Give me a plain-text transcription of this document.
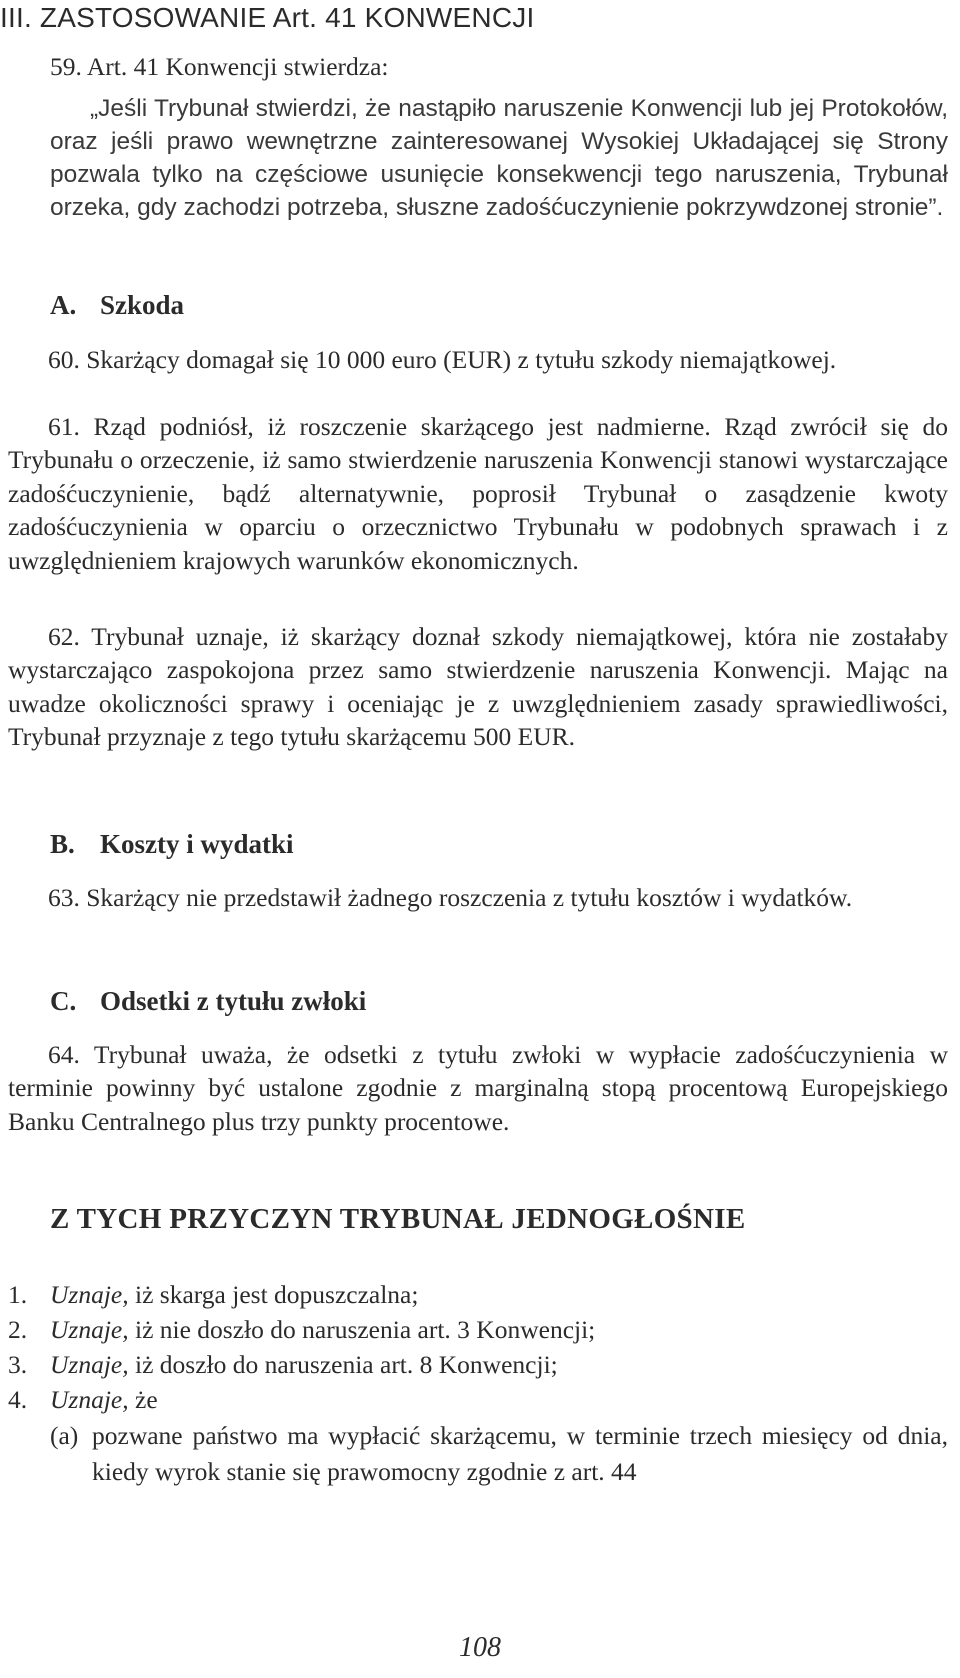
III. ZASTOSOWANIE Art. 41 KONWENCJI

59. Art. 41 Konwencji stwierdza:

„Jeśli Trybunał stwierdzi, że nastąpiło naruszenie Konwencji lub jej Protokołów, oraz jeśli prawo wewnętrzne zainteresowanej Wysokiej Układającej się Strony pozwala tylko na częściowe usunięcie konsekwencji tego naruszenia, Trybunał orzeka, gdy zachodzi potrzeba, słuszne zadośćuczynienie pokrzywdzonej stronie”.

A. Szkoda

60. Skarżący domagał się 10 000 euro (EUR) z tytułu szkody niemajątkowej.

61. Rząd podniósł, iż roszczenie skarżącego jest nadmierne. Rząd zwrócił się do Trybunału o orzeczenie, iż samo stwierdzenie naruszenia Konwencji stanowi wystarczające zadośćuczynienie, bądź alternatywnie, poprosił Trybunał o zasądzenie kwoty zadośćuczynienia w oparciu o orzecznictwo Trybunału w podobnych sprawach i z uwzględnieniem krajowych warunków ekonomicznych.

62. Trybunał uznaje, iż skarżący doznał szkody niemajątkowej, która nie zostałaby wystarczająco zaspokojona przez samo stwierdzenie naruszenia Konwencji. Mając na uwadze okoliczności sprawy i oceniając je z uwzględnieniem zasady sprawiedliwości, Trybunał przyznaje z tego tytułu skarżącemu 500 EUR.

B. Koszty i wydatki

63. Skarżący nie przedstawił żadnego roszczenia z tytułu kosztów i wydatków.

C. Odsetki z tytułu zwłoki

64. Trybunał uważa, że odsetki z tytułu zwłoki w wypłacie zadośćuczynienia w terminie powinny być ustalone zgodnie z marginalną stopą procentową Europejskiego Banku Centralnego plus trzy punkty procentowe.

Z TYCH PRZYCZYN TRYBUNAŁ JEDNOGŁOŚNIE
1. Uznaje, iż skarga jest dopuszczalna;
2. Uznaje, iż nie doszło do naruszenia art. 3 Konwencji;
3. Uznaje, iż doszło do naruszenia art. 8 Konwencji;
4. Uznaje, że
(a) pozwane państwo ma wypłacić skarżącemu, w terminie trzech miesięcy od dnia, kiedy wyrok stanie się prawomocny zgodnie z art. 44
108
